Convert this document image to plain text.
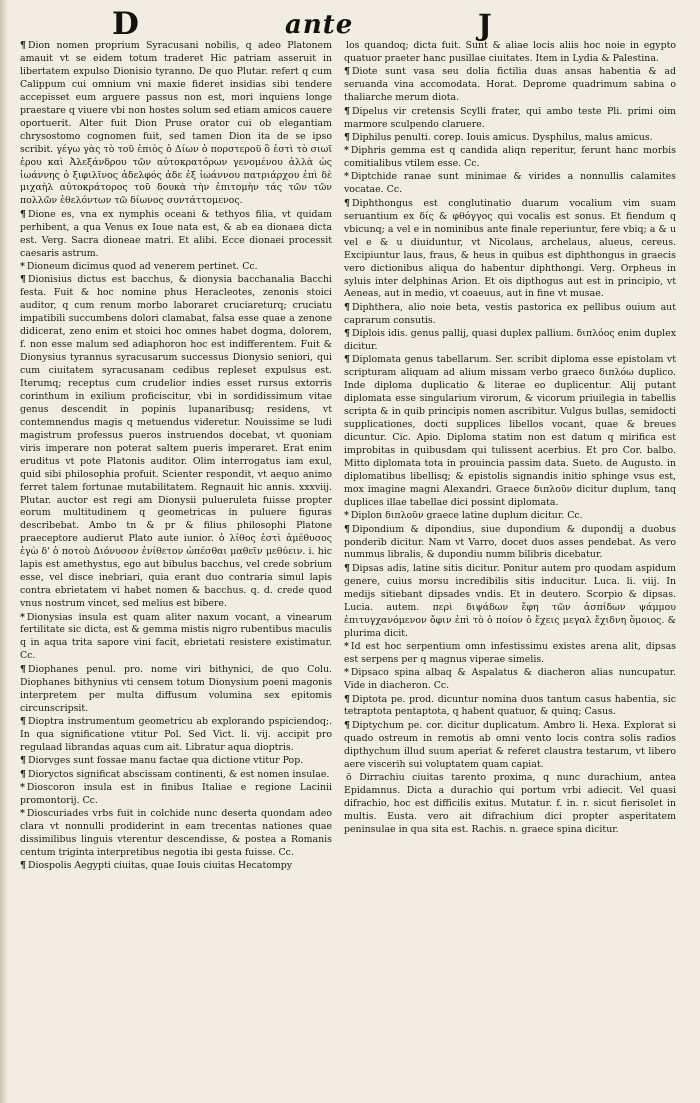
D	ante	J

¶ Dion nomen proprium Syracusani nobilis, q adeo Platonem amauit vt se eidem totum traderet Hic patriam asseruit in libertatem expulso Dionisio tyranno. De quo Plutar. refert q cum Calippum cui omnium vni maxie fideret insidias sibi tendere accepisset eum arguere passus non est, mori inquiens longe praestare q viuere vbi non hostes solum sed etiam amicos cauere oportuerit. Alter fuit Dion Pruse orator cui ob elegantiam chrysostomo cognomen fuit, sed tamen Dion ita de se ipso scribit. γέγω γὰς τὸ τοῦ ἐπιὸς ὁ Δίων ὁ πορστεροῦ ὃ ἐστὶ τὸ σιωῖ ἐρου καὶ Ἀλεξάνδρου τῶν αὐτοκρατόρων γενομένου ἀλλὰ ὡς ἰωάννης ὁ ξιφιλῖνος ἀδελφός ἀδε ἐξ ἰωάννου πατριάρχου ἐπὶ δὲ μιχαὴλ αὐτοκράτορος τοῦ δουκὰ τὴν ἐπιτομὴν τάς τῶν τῶν πολλῶν ἐθελόντων τῶ δίωνος συντάττομενος.

¶ Dione es, vna ex nymphis oceani & tethyos filia, vt quidam perhibent, a qua Venus ex Ioue nata est, & ab ea dionaea dicta est. Verg. Sacra dioneae matri. Et alibi. Ecce dionaei processit caesaris astrum.

* Dioneum dicimus quod ad venerem pertinet. Cc.

¶ Dionisius dictus est bacchus, & dionysia bacchanalia Bacchi festa. Fuit & hoc nomine phus Heracleotes, zenonis stoici auditor, q cum renum morbo laboraret cruciareturq; cruciatu impatibili succumbens dolori clamabat, falsa esse quae a zenone didicerat, zeno enim et stoici hoc omnes habet dogma, dolorem, f. non esse malum sed adiaphoron hoc est indifferentem. Fuit & Dionysius tyrannus syracusarum successus Dionysio seniori, qui cum ciuitatem syracusanam cedibus repleset expulsus est. Iterumq; receptus cum crudelior indies esset rursus extorris corinthum in exilium proficiscitur, vbi in sordidissimum vitae genus descendit in popinis lupanaribusq; residens, vt contemnendus magis q metuendus videretur. Nouissime se ludi magistrum professus pueros instruendos docebat, vt quoniam viris imperare non poterat saltem pueris imperaret. Erat enim eruditus vt pote Platonis auditor. Olim interrogatus iam exul, quid sibi philosophia profuit. Scienter respondit, vt aequo animo ferret talem fortunae mutabilitatem. Regnauit hic annis. xxxviij. Plutar. auctor est regi am Dionysii pulueruleta fuisse propter eorum multitudinem q geometricas in puluere figuras describebat. Ambo tn & pr & filius philosophi Platone praeceptore audierut Plato aute iunior. ὁ λίθος ἐστὶ ἀμέθυσος ἐγὼ δ' ὁ ποτοὺ Διόνυσον ἐνίθετον ὡπέσθαι μαθεῖν μεθύειν. i. hic lapis est amethystus, ego aut bibulus bacchus, vel crede sobrium esse, vel disce inebriari, quia erant duo contraria simul lapis contra ebrietatem vi habet nomen & bacchus. q. d. crede quod vnus nostrum vincet, sed melius est bibere.

* Dionysias insula est quam aliter naxum vocant, a vinearum fertilitate sic dicta, est & gemma mistis nigro rubentibus maculis q in aqua trita sapore vini facit, ebrietati resistere existimatur. Cc.

¶ Diophanes penul. pro. nome viri bithynici, de quo Colu. Diophanes bithynius vti censem totum Dionysium poeni magonis interpretem per multa diffusum volumina sex epitomis circunscripsit.

¶ Dioptra instrumentum geometricu ab explorando pspiciendoq;. In qua significatione vtitur Pol. Sed Vict. li. vij. accipit pro regulaad librandas aquas cum ait. Libratur aqua dioptris.

¶ Diorvges sunt fossae manu factae qua dictione vtitur Pop.

¶ Dioryctos significat abscissam continenti, & est nomen insulae.

* Dioscoron insula est in finibus Italiae e regione Lacinii promontorij. Cc.

* Dioscuriades vrbs fuit in colchide nunc deserta quondam adeo clara vt nonnulli prodiderint in eam trecentas nationes quae dissimilibus linguis vterentur descendisse, & postea a Romanis centum triginta interpretibus negotia ibi gesta fuisse. Cc.

¶ Diospolis Aegypti ciuitas, quae Iouis ciuitas Hecatompy

los quandoq; dicta fuit. Sunt & aliae locis aliis hoc noie in egypto quatuor praeter hanc pusillae ciuitates. Item in Lydia & Palestina.

¶ Diote sunt vasa seu dolia fictilia duas ansas habentia & ad seruanda vina accomodata. Horat. Deprome quadrimum sabina o thaliarche merum diota.

¶ Dipelus vir cretensis Scylli frater, qui ambo teste Pli. primi oim marmore sculpendo claruere.

¶ Diphilus penulti. corep. Iouis amicus. Dysphilus, malus amicus.

* Diphris gemma est q candida aliqn reperitur, ferunt hanc morbis comitialibus vtilem esse. Cc.

* Diptchide ranae sunt minimae & virides a nonnullis calamites vocatae. Cc.

¶ Diphthongus est conglutinatio duarum vocalium vim suam seruantium ex δίς & φθόγγος qui vocalis est sonus. Et fiendum q vbicunq; a vel e in nominibus ante finale reperiuntur, fere vbiq; a & u vel e & u diuiduntur, vt Nicolaus, archelaus, alueus, cereus. Excipiuntur laus, fraus, & heus in quibus est diphthongus in graecis vero dictionibus aliqua do habentur diphthongi. Verg. Orpheus in syluis inter delphinas Arion. Et ois dipthogus aut est in principio, vt Aeneas, aut in medio, vt coaeuus, aut in fine vt musae.

¶ Diphthera, alio noie beta, vestis pastorica ex pellibus ouium aut caprarum consutis.

¶ Diplois idis. genus pallij, quasi duplex pallium. διπλόος enim duplex dicitur.

¶ Diplomata genus tabellarum. Ser. scribit diploma esse epistolam vt scripturam aliquam ad alium missam verbo graeco διπλόω duplico. Inde diploma duplicatio & literae eo duplicentur. Alij putant diplomata esse singularium virorum, & vicorum priuilegia in tabellis scripta & in quib principis nomen ascribitur. Vulgus bullas, semidocti supplicationes, docti supplices libellos vocant, quae & breues dicuntur. Cic. Apio. Diploma statim non est datum q mirifica est improbitas in quibusdam qui tulissent acerbius. Et pro Cor. balbo. Mitto diplomata tota in prouincia passim data. Sueto. de Augusto. in diplomatibus libellisq; & epistolis signandis initio sphinge vsus est, mox imagine magni Alexandri. Graece διπλοῦν dicitur duplum, tanq duplices illae tabellae dici possint diplomata.

* Diplon διπλοῦν graece latine duplum dicitur. Cc.

¶ Dipondium & dipondius, siue dupondium & dupondij a duobus ponderib dicitur. Nam vt Varro, docet duos asses pendebat. As vero nummus libralis, & dupondiu numm bilibris dicebatur.

¶ Dipsas adis, latine sitis dicitur. Ponitur autem pro quodam aspidum genere, cuius morsu incredibilis sitis inducitur. Luca. li. viij. In medijs sitiebant dipsades vndis. Et in deutero. Scorpio & dipsas. Lucia. autem. περὶ διψάδων ἔφη τῶν ἀσπίδων ψάμμου ἐπιτυγχανόμενον ὄφιν ἐπὶ τὸ ὁ ποίον ὁ ἔχεις μεγαλ ἔχιδνη ὅμοιος. & plurima dicit.

* Id est hoc serpentium omn infestissimu existes arena alit, dipsas est serpens per q magnus viperae simelis.

* Dipsaco spina albaq & Aspalatus & diacheron alias nuncupatur. Vide in diacheron. Cc.

¶ Diptota pe. prod. dicuntur nomina duos tantum casus habentia, sic tetraptota pentaptota, q habent quatuor, & quinq; Casus.

¶ Diptychum pe. cor. dicitur duplicatum. Ambro li. Hexa. Explorat si quado ostreum in remotis ab omni vento locis contra solis radios dipthychum illud suum aperiat & referet claustra testarum, vt libero aere viscerih sui voluptatem quam capiat.

ō Dirrachiu ciuitas tarento proxima, q nunc durachium, antea Epidamnus. Dicta a durachio qui portum vrbi adiecit. Vel quasi difrachio, hoc est difficilis exitus. Mutatur. f. in. r. sicut fierisolet in multis. Eusta. vero ait difrachium dici propter asperitatem peninsulae in qua sita est. Rachis. n. graece spina dicitur.
